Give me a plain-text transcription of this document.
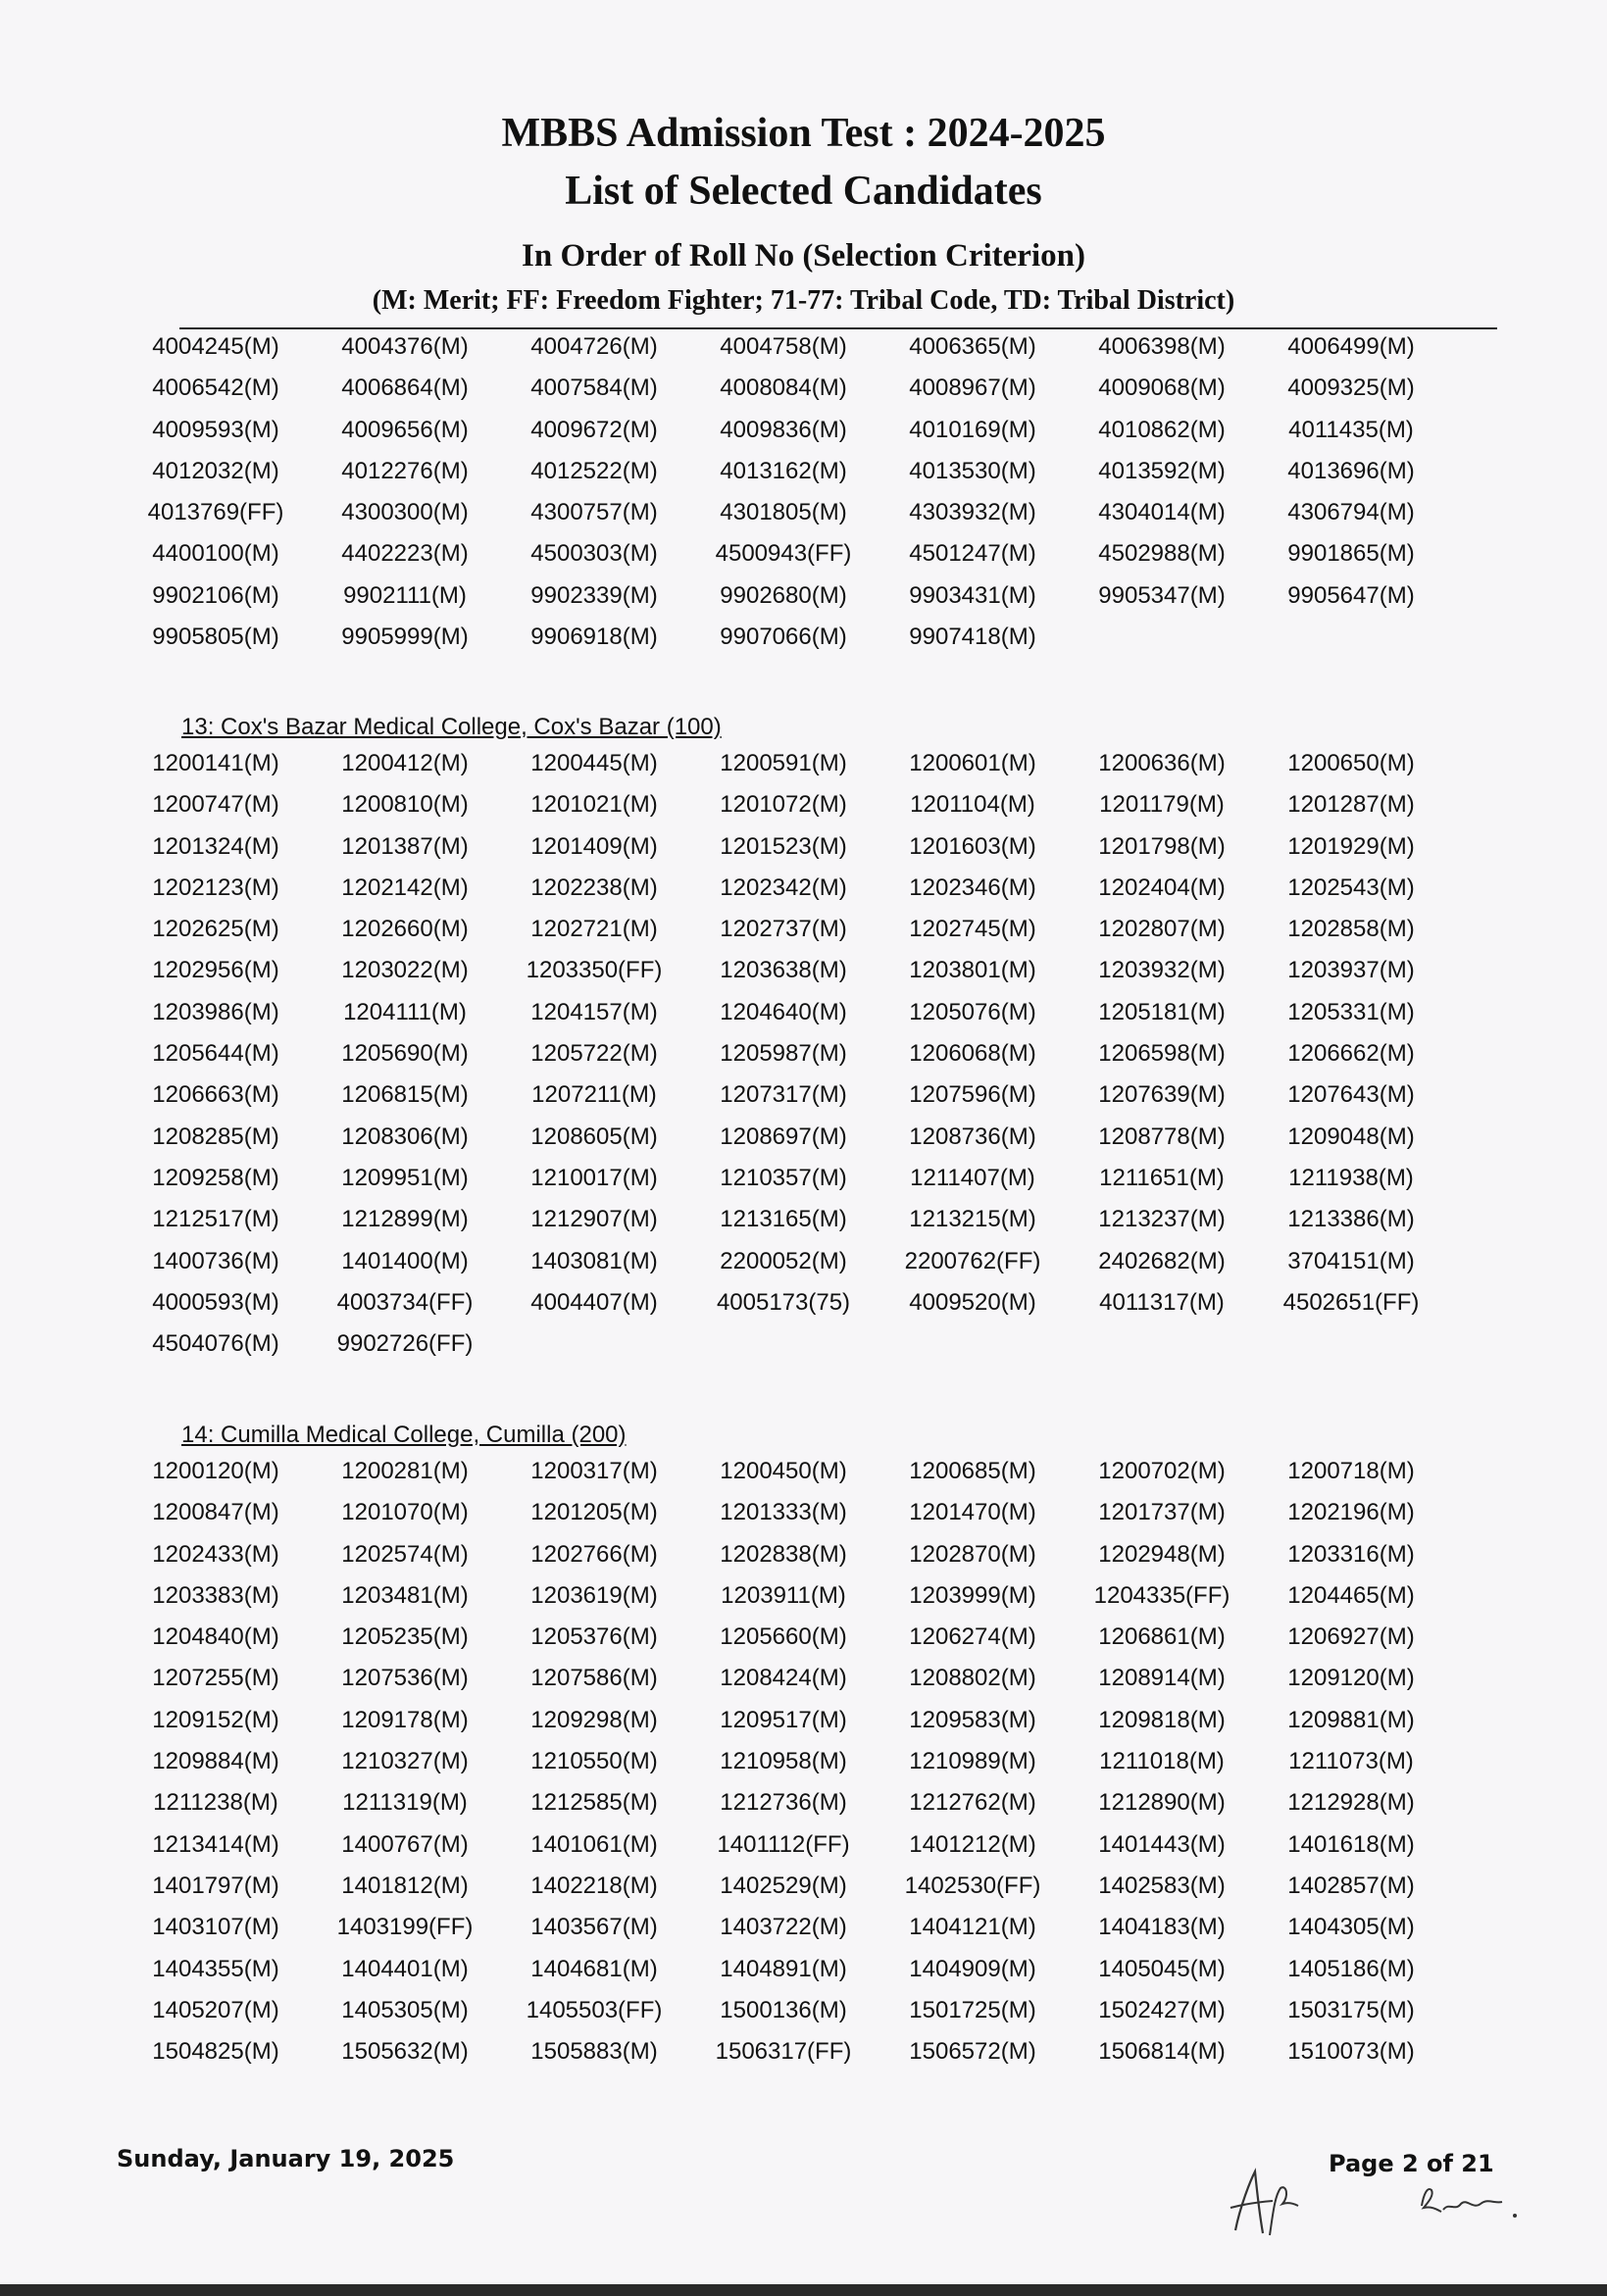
MBBS Admission Test : 2024-2025
List of Selected Candidates
In Order of Roll No (Selection Criterion)
(M: Merit; FF: Freedom Fighter; 71-77: Tribal Code, TD: Tribal District)
13: Cox's Bazar Medical College, Cox's Bazar (100)
14: Cumilla Medical College, Cumilla (200)
4004245(M)	4004376(M)	4004726(M)	4004758(M)	4006365(M)	4006398(M)	4006499(M)
4006542(M)	4006864(M)	4007584(M)	4008084(M)	4008967(M)	4009068(M)	4009325(M)
4009593(M)	4009656(M)	4009672(M)	4009836(M)	4010169(M)	4010862(M)	4011435(M)
4012032(M)	4012276(M)	4012522(M)	4013162(M)	4013530(M)	4013592(M)	4013696(M)
4013769(FF)	4300300(M)	4300757(M)	4301805(M)	4303932(M)	4304014(M)	4306794(M)
4400100(M)	4402223(M)	4500303(M)	4500943(FF)	4501247(M)	4502988(M)	9901865(M)
9902106(M)	9902111(M)	9902339(M)	9902680(M)	9903431(M)	9905347(M)	9905647(M)
9905805(M)	9905999(M)	9906918(M)	9907066(M)	9907418(M)
1200141(M)	1200412(M)	1200445(M)	1200591(M)	1200601(M)	1200636(M)	1200650(M)
1200747(M)	1200810(M)	1201021(M)	1201072(M)	1201104(M)	1201179(M)	1201287(M)
1201324(M)	1201387(M)	1201409(M)	1201523(M)	1201603(M)	1201798(M)	1201929(M)
1202123(M)	1202142(M)	1202238(M)	1202342(M)	1202346(M)	1202404(M)	1202543(M)
1202625(M)	1202660(M)	1202721(M)	1202737(M)	1202745(M)	1202807(M)	1202858(M)
1202956(M)	1203022(M)	1203350(FF)	1203638(M)	1203801(M)	1203932(M)	1203937(M)
1203986(M)	1204111(M)	1204157(M)	1204640(M)	1205076(M)	1205181(M)	1205331(M)
1205644(M)	1205690(M)	1205722(M)	1205987(M)	1206068(M)	1206598(M)	1206662(M)
1206663(M)	1206815(M)	1207211(M)	1207317(M)	1207596(M)	1207639(M)	1207643(M)
1208285(M)	1208306(M)	1208605(M)	1208697(M)	1208736(M)	1208778(M)	1209048(M)
1209258(M)	1209951(M)	1210017(M)	1210357(M)	1211407(M)	1211651(M)	1211938(M)
1212517(M)	1212899(M)	1212907(M)	1213165(M)	1213215(M)	1213237(M)	1213386(M)
1400736(M)	1401400(M)	1403081(M)	2200052(M)	2200762(FF)	2402682(M)	3704151(M)
4000593(M)	4003734(FF)	4004407(M)	4005173(75)	4009520(M)	4011317(M)	4502651(FF)
4504076(M)	9902726(FF)
1200120(M)	1200281(M)	1200317(M)	1200450(M)	1200685(M)	1200702(M)	1200718(M)
1200847(M)	1201070(M)	1201205(M)	1201333(M)	1201470(M)	1201737(M)	1202196(M)
1202433(M)	1202574(M)	1202766(M)	1202838(M)	1202870(M)	1202948(M)	1203316(M)
1203383(M)	1203481(M)	1203619(M)	1203911(M)	1203999(M)	1204335(FF)	1204465(M)
1204840(M)	1205235(M)	1205376(M)	1205660(M)	1206274(M)	1206861(M)	1206927(M)
1207255(M)	1207536(M)	1207586(M)	1208424(M)	1208802(M)	1208914(M)	1209120(M)
1209152(M)	1209178(M)	1209298(M)	1209517(M)	1209583(M)	1209818(M)	1209881(M)
1209884(M)	1210327(M)	1210550(M)	1210958(M)	1210989(M)	1211018(M)	1211073(M)
1211238(M)	1211319(M)	1212585(M)	1212736(M)	1212762(M)	1212890(M)	1212928(M)
1213414(M)	1400767(M)	1401061(M)	1401112(FF)	1401212(M)	1401443(M)	1401618(M)
1401797(M)	1401812(M)	1402218(M)	1402529(M)	1402530(FF)	1402583(M)	1402857(M)
1403107(M)	1403199(FF)	1403567(M)	1403722(M)	1404121(M)	1404183(M)	1404305(M)
1404355(M)	1404401(M)	1404681(M)	1404891(M)	1404909(M)	1405045(M)	1405186(M)
1405207(M)	1405305(M)	1405503(FF)	1500136(M)	1501725(M)	1502427(M)	1503175(M)
1504825(M)	1505632(M)	1505883(M)	1506317(FF)	1506572(M)	1506814(M)	1510073(M)
Sunday, January 19, 2025	Page 2 of 21
